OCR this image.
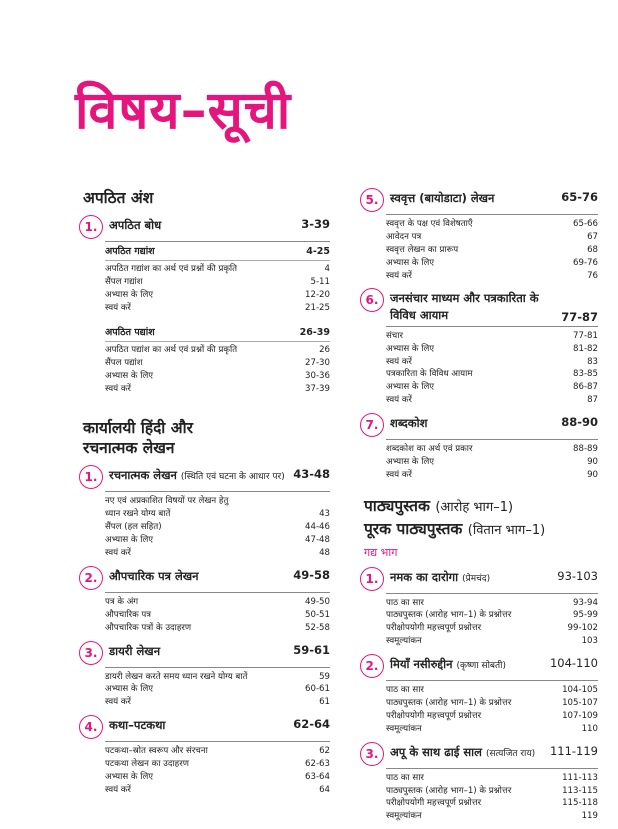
विषय–सूची
अपठित अंश
1.	अपठित बोध	3-39
अपठित गद्यांश	4-25
अपठित गद्यांश का अर्थ एवं प्रश्नों की प्रकृति	4
सैंपल गद्यांश	5-11
अभ्यास के लिए	12-20
स्वयं करें	21-25
अपठित पद्यांश	26-39
अपठित पद्यांश का अर्थ एवं प्रश्नों की प्रकृति	26
सैंपल पद्यांश	27-30
अभ्यास के लिए	30-36
स्वयं करें	37-39
कार्यालयी हिंदी और रचनात्मक लेखन
1.	रचनात्मक लेखन (स्थिति एवं घटना के आधार पर) 43-48
नए एवं अप्रकाशित विषयों पर लेखन हेतु
ध्यान रखने योग्य बातें	43
सैंपल (हल सहित)	44-46
अभ्यास के लिए	47-48
स्वयं करें	48
2.	औपचारिक पत्र लेखन	49-58
पत्र के अंग	49-50
औपचारिक पत्र	50-51
औपचारिक पत्रों के उदाहरण	52-58
3.	डायरी लेखन	59-61
डायरी लेखन करते समय ध्यान रखने योग्य बातें	59
अभ्यास के लिए	60-61
स्वयं करें	61
4.	कथा–पटकथा	62-64
पटकथा–स्रोत स्वरूप और संरचना	62
पटकथा लेखन का उदाहरण	62-63
अभ्यास के लिए	63-64
स्वयं करें	64
5.	स्ववृत्त (बायोडाटा) लेखन	65-76
स्ववृत्त के पक्ष एवं विशेषताएँ	65-66
आवेदन पत्र	67
स्ववृत्त लेखन का प्रारूप	68
अभ्यास के लिए	69-76
स्वयं करें	76
6.	जनसंचार माध्यम और पत्रकारिता के विविध आयाम	77-87
संचार	77-81
अभ्यास के लिए	81-82
स्वयं करें	83
पत्रकारिता के विविध आयाम	83-85
अभ्यास के लिए	86-87
स्वयं करें	87
7.	शब्दकोश	88-90
शब्दकोश का अर्थ एवं प्रकार	88-89
अभ्यास के लिए	90
स्वयं करें	90
पाठ्यपुस्तक (आरोह भाग–1)
पूरक पाठ्यपुस्तक (वितान भाग–1)
गद्य भाग
1.	नमक का दारोगा (प्रेमचंद)	93-103
पाठ का सार	93-94
पाठ्यपुस्तक (आरोह भाग–1) के प्रश्नोत्तर	95-99
परीक्षोपयोगी महत्त्वपूर्ण प्रश्नोत्तर	99-102
स्वमूल्यांकन	103
2.	मियाँ नसीरुद्दीन (कृष्णा सोबती)	104-110
पाठ का सार	104-105
पाठ्यपुस्तक (आरोह भाग–1) के प्रश्नोत्तर	105-107
परीक्षोपयोगी महत्त्वपूर्ण प्रश्नोत्तर	107-109
स्वमूल्यांकन	110
3.	अपू के साथ ढाई साल (सत्यजित राय)	111-119
पाठ का सार	111-113
पाठ्यपुस्तक (आरोह भाग–1) के प्रश्नोत्तर	113-115
परीक्षोपयोगी महत्त्वपूर्ण प्रश्नोत्तर	115-118
स्वमूल्यांकन	119
